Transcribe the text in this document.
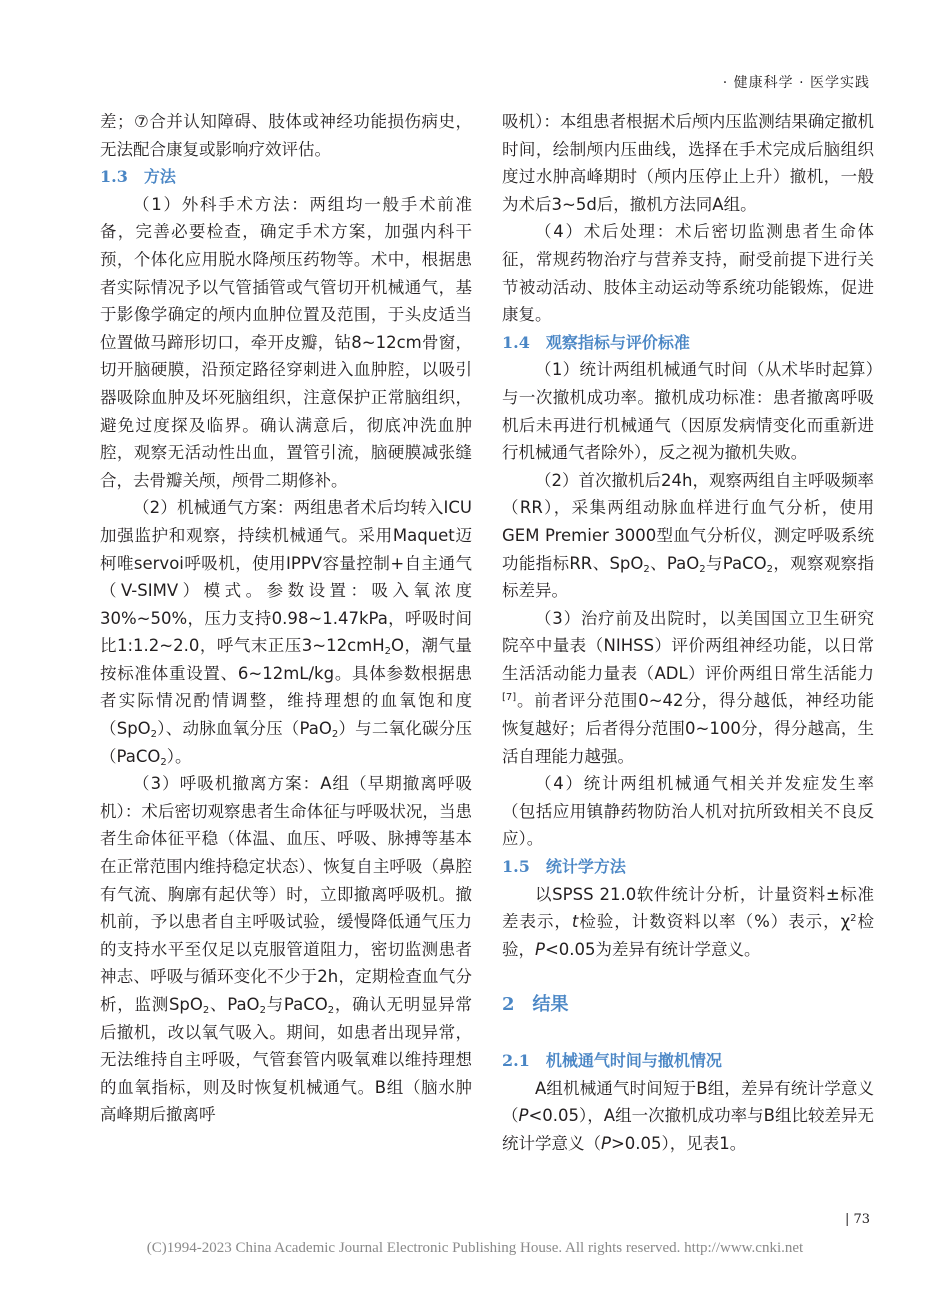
· 健康科学 · 医学实践

差；⑦合并认知障碍、肢体或神经功能损伤病史，无法配合康复或影响疗效评估。

1.3　方法

（1）外科手术方法：两组均一般手术前准备，完善必要检查，确定手术方案，加强内科干预，个体化应用脱水降颅压药物等。术中，根据患者实际情况予以气管插管或气管切开机械通气，基于影像学确定的颅内血肿位置及范围，于头皮适当位置做马蹄形切口，牵开皮瓣，钻8~12cm骨窗，切开脑硬膜，沿预定路径穿刺进入血肿腔，以吸引器吸除血肿及坏死脑组织，注意保护正常脑组织，避免过度探及临界。确认满意后，彻底冲洗血肿腔，观察无活动性出血，置管引流，脑硬膜减张缝合，去骨瓣关颅，颅骨二期修补。

（2）机械通气方案：两组患者术后均转入ICU加强监护和观察，持续机械通气。采用Maquet迈柯唯servoi呼吸机，使用IPPV容量控制+自主通气（V-SIMV）模式。参数设置：吸入氧浓度30%~50%，压力支持0.98~1.47kPa，呼吸时间比1:1.2~2.0，呼气末正压3~12cmH$_2$O，潮气量按标准体重设置、6~12mL/kg。具体参数根据患者实际情况酌情调整，维持理想的血氧饱和度（SpO$_2$）、动脉血氧分压（PaO$_2$）与二氧化碳分压（PaCO$_2$）。

（3）呼吸机撤离方案：A组（早期撤离呼吸机）：术后密切观察患者生命体征与呼吸状况，当患者生命体征平稳（体温、血压、呼吸、脉搏等基本在正常范围内维持稳定状态）、恢复自主呼吸（鼻腔有气流、胸廓有起伏等）时，立即撤离呼吸机。撤机前，予以患者自主呼吸试验，缓慢降低通气压力的支持水平至仅足以克服管道阻力，密切监测患者神志、呼吸与循环变化不少于2h，定期检查血气分析，监测SpO$_2$、PaO$_2$与PaCO$_2$，确认无明显异常后撤机，改以氧气吸入。期间，如患者出现异常，无法维持自主呼吸，气管套管内吸氧难以维持理想的血氧指标，则及时恢复机械通气。B组（脑水肿高峰期后撤离呼

吸机）：本组患者根据术后颅内压监测结果确定撤机时间，绘制颅内压曲线，选择在手术完成后脑组织度过水肿高峰期时（颅内压停止上升）撤机，一般为术后3~5d后，撤机方法同A组。

（4）术后处理：术后密切监测患者生命体征，常规药物治疗与营养支持，耐受前提下进行关节被动活动、肢体主动运动等系统功能锻炼，促进康复。

1.4　观察指标与评价标准

（1）统计两组机械通气时间（从术毕时起算）与一次撤机成功率。撤机成功标准：患者撤离呼吸机后未再进行机械通气（因原发病情变化而重新进行机械通气者除外），反之视为撤机失败。

（2）首次撤机后24h，观察两组自主呼吸频率（RR），采集两组动脉血样进行血气分析，使用GEM Premier 3000型血气分析仪，测定呼吸系统功能指标RR、SpO$_2$、PaO$_2$与PaCO$_2$，观察观察指标差异。

（3）治疗前及出院时，以美国国立卫生研究院卒中量表（NIHSS）评价两组神经功能，以日常生活活动能力量表（ADL）评价两组日常生活能力[7]。前者评分范围0~42分，得分越低，神经功能恢复越好；后者得分范围0~100分，得分越高，生活自理能力越强。

（4）统计两组机械通气相关并发症发生率（包括应用镇静药物防治人机对抗所致相关不良反应）。

1.5　统计学方法

以SPSS 21.0软件统计分析，计量资料±标准差表示，t检验，计数资料以率（%）表示，$\chi^2$检验，P<0.05为差异有统计学意义。

2　结果
2.1　机械通气时间与撤机情况

A组机械通气时间短于B组，差异有统计学意义（P<0.05），A组一次撤机成功率与B组比较差异无统计学意义（P>0.05），见表1。

| 73
(C)1994-2023 China Academic Journal Electronic Publishing House. All rights reserved. http://www.cnki.net
